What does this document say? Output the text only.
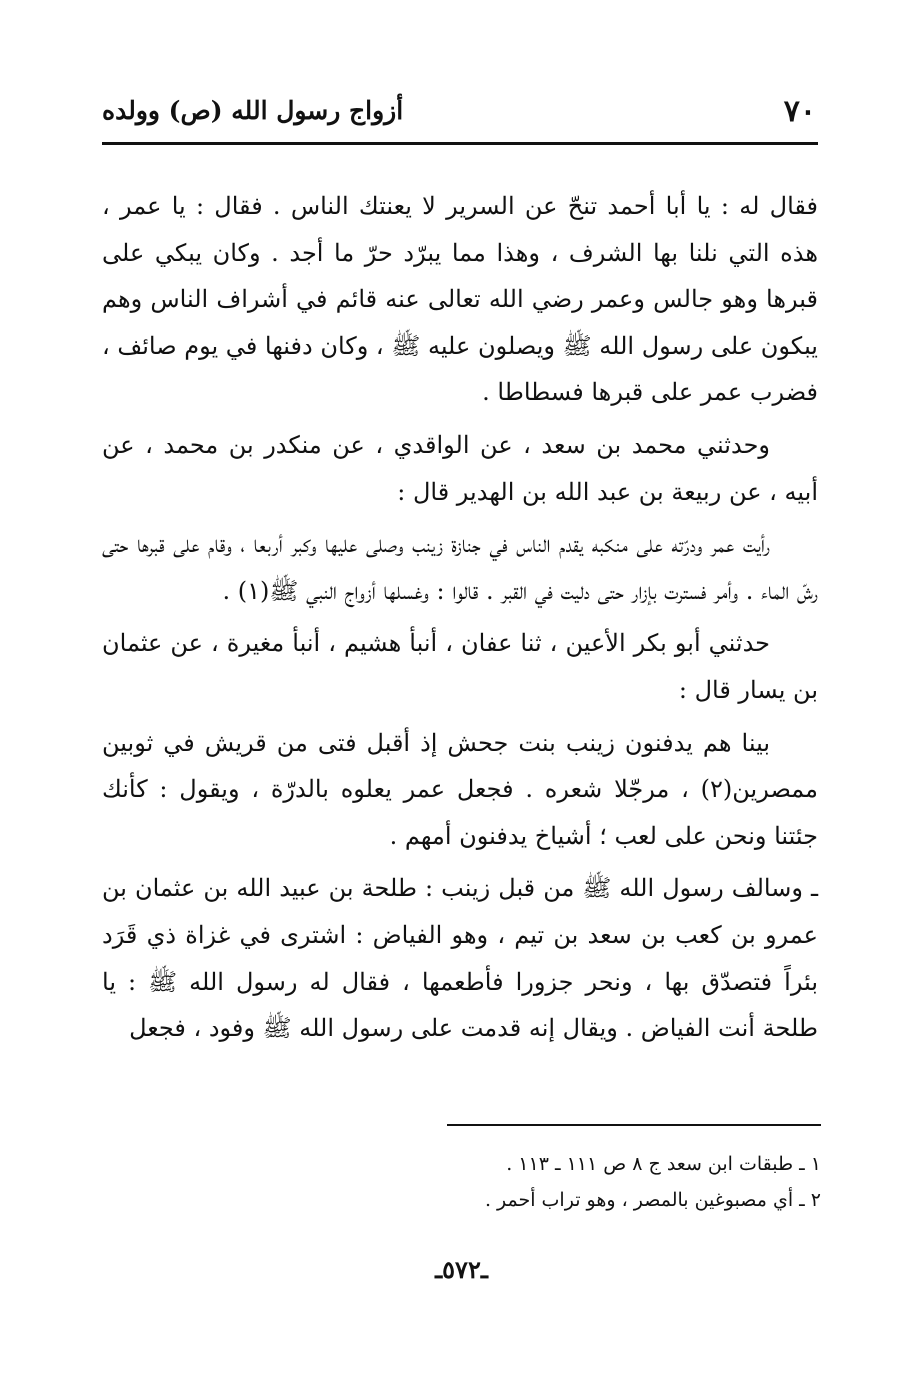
٧٠
أزواج رسول الله (ص) وولده

فقال له : يا أبا أحمد تنحّ عن السرير لا يعنتك الناس . فقال : يا عمر ، هذه التي نلنا بها الشرف ، وهذا مما يبرّد حرّ ما أجد . وكان يبكي على قبرها وهو جالس وعمر رضي الله تعالى عنه قائم في أشراف الناس وهم يبكون على رسول الله ﷺ ويصلون عليه ﷺ ، وكان دفنها في يوم صائف ، فضرب عمر على قبرها فسطاطا .

وحدثني محمد بن سعد ، عن الواقدي ، عن منكدر بن محمد ، عن أبيه ، عن ربيعة بن عبد الله بن الهدير قال :

رأيت عمر ودرّته على منكبه يقدم الناس في جنازة زينب وصلى عليها وكبر أربعا ، وقام على قبرها حتى رشّ الماء . وأمر فسترت بإزار حتى دليت في القبر . قالوا : وغسلها أزواج النبي ﷺ(١) .

حدثني أبو بكر الأعين ، ثنا عفان ، أنبأ هشيم ، أنبأ مغيرة ، عن عثمان بن يسار قال :

بينا هم يدفنون زينب بنت جحش إذ أقبل فتى من قريش في ثوبين ممصرين(٢) ، مرجّلا شعره . فجعل عمر يعلوه بالدرّة ، ويقول : كأنك جئتنا ونحن على لعب ؛ أشياخ يدفنون أمهم .

ـ وسالف رسول الله ﷺ من قبل زينب : طلحة بن عبيد الله بن عثمان بن عمرو بن كعب بن سعد بن تيم ، وهو الفياض : اشترى في غزاة ذي قَرَد بئراً فتصدّق بها ، ونحر جزورا فأطعمها ، فقال له رسول الله ﷺ : يا طلحة أنت الفياض . ويقال إنه قدمت على رسول الله ﷺ وفود ، فجعل

١ ـ طبقات ابن سعد ج ٨ ص ١١١ ـ ١١٣ .
٢ ـ أي مصبوغين بالمصر ، وهو تراب أحمر .
ـ٥٧٢ـ
